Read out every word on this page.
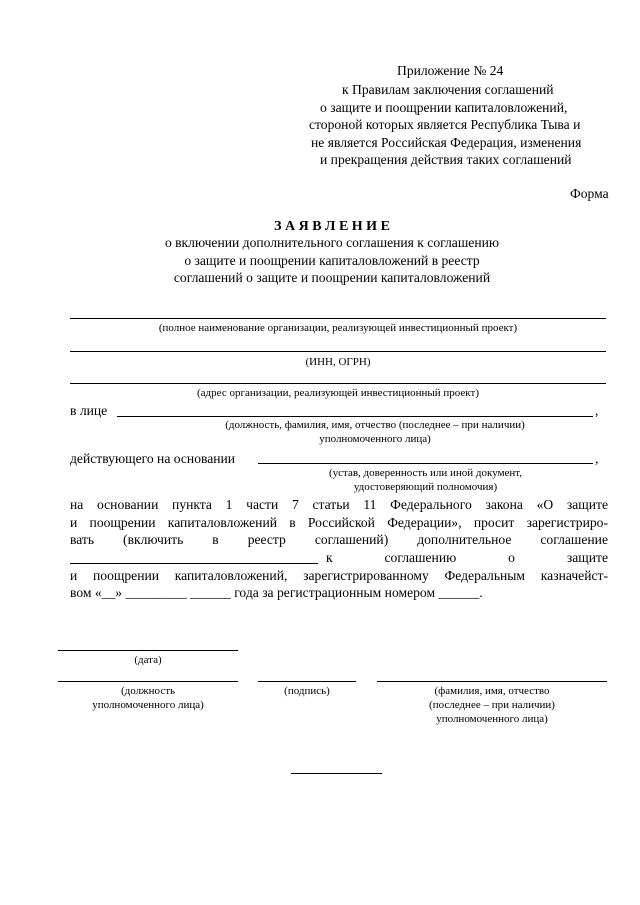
Приложение № 24
к Правилам заключения соглашений
о защите и поощрении капиталовложений,
стороной которых является Республика Тыва и
не является Российская Федерация, изменения
и прекращения действия таких соглашений
Форма
З А Я В Л Е Н И Е
о включении дополнительного соглашения к соглашению
о защите и поощрении капиталовложений в реестр
соглашений о защите и поощрении капиталовложений
(полное наименование организации, реализующей инвестиционный проект)
(ИНН, ОГРН)
(адрес организации, реализующей инвестиционный проект)
в лице	,
(должность, фамилия, имя, отчество (последнее – при наличии)
уполномоченного лица)
действующего на основании	,
(устав, доверенность или иной документ,
удостоверяющий полномочия)
на основании пункта 1 части 7 статьи 11 Федерального закона «О защите
и поощрении капиталовложений в Российской Федерации», просит зарегистриро-
вать (включить в реестр соглашений) дополнительное соглашение
к соглашению о защите
и поощрении капиталовложений, зарегистрированному Федеральным казначейст-
вом «__» _________ ______ года за регистрационным номером ______.
(дата)
(должность
уполномоченного лица)
(подпись)	(фамилия, имя, отчество
(последнее – при наличии)
уполномоченного лица)
